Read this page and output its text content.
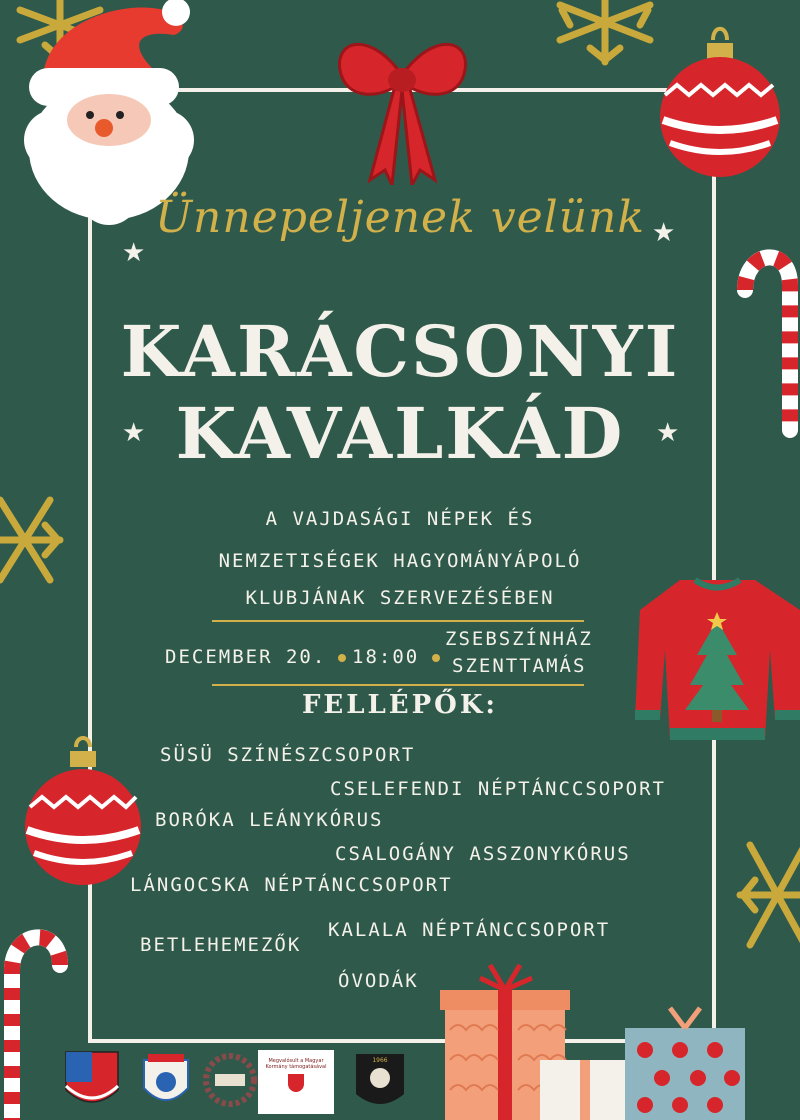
★
★
★	★
Ünnepeljenek velünk
KARÁCSONYI
KAVALKÁD
A VAJDASÁGI NÉPEK ÉS
NEMZETISÉGEK HAGYOMÁNYÁPOLÓ
KLUBJÁNAK SZERVEZÉSÉBEN
DECEMBER 20. 18:00
ZSEBSZÍNHÁZ
SZENTTAMÁS
FELLÉPŐK:
SÜSÜ SZÍNÉSZCSOPORT
CSELEFENDI NÉPTÁNCCSOPORT
BORÓKA LEÁNYKÓRUS
CSALOGÁNY ASSZONYKÓRUS
LÁNGOCSKA NÉPTÁNCCSOPORT
BETLEHEMEZŐK
KALALA NÉPTÁNCCSOPORT
ÓVODÁK
Megvalósult a Magyar Kormány támogatásával
1966
